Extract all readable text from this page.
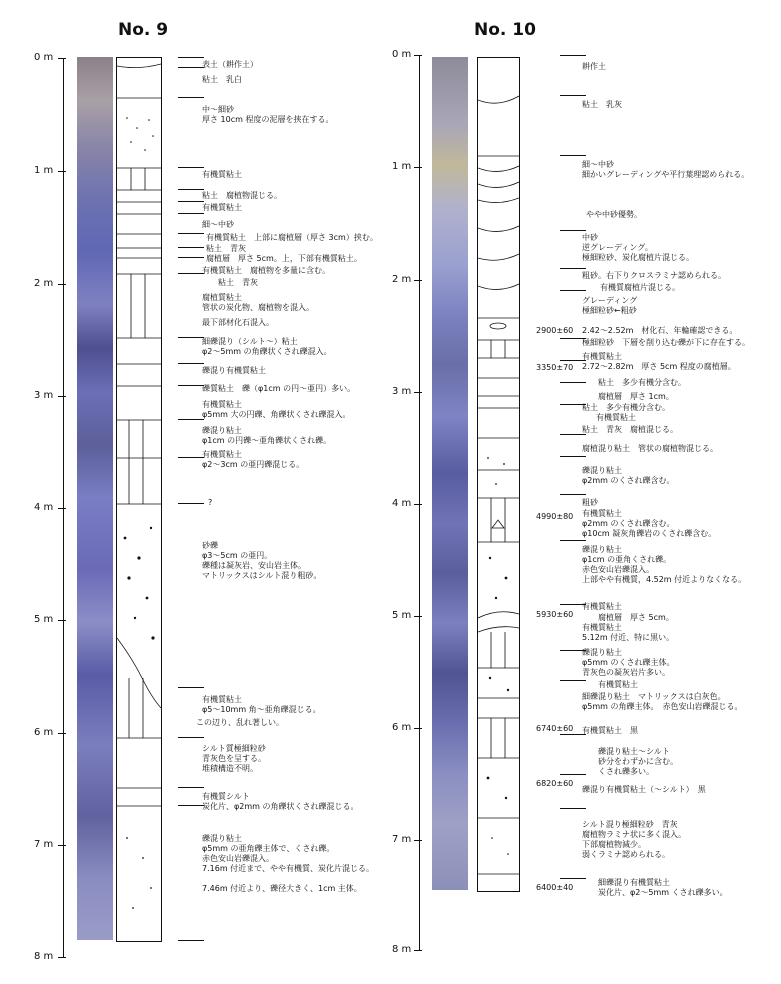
No. 9	No. 10
0 m
1 m
2 m
3 m
4 m
5 m
6 m
7 m
8 m
0 m
1 m
2 m
3 m
4 m
5 m
6 m
7 m
8 m
表土（耕作土）
粘土　乳白
中～細砂
厚さ 10cm 程度の泥層を挟在する。
有機質粘土
粘土　腐植物混じる。
有機質粘土
細～中砂
有機質粘土　上部に腐植層（厚さ 3cm）挟む。
粘土　青灰
腐植層　厚さ 5cm。上，下部有機質粘土。
有機質粘土　腐植物を多量に含む。
粘土　青灰
腐植質粘土
管状の炭化物、腐植物を混入。
最下部材化石混入。
細礫混り（シルト～）粘土
φ2～5mm の角礫状くされ礫混入。
礫混り有機質粘土
礫質粘土　礫（φ1cm の円～亜円）多い。
有機質粘土
φ5mm 大の円礫、角礫状くされ礫混入。
礫混り粘土
φ1cm の円礫～亜角礫状くされ礫。
有機質粘土
φ2～3cm の亜円礫混じる。
?
砂礫
φ3～5cm の亜円。
礫種は凝灰岩、安山岩主体。
マトリックスはシルト混り粗砂。
有機質粘土
φ5～10mm 角～亜角礫混じる。
この辺り、乱れ著しい。
シルト質極細粒砂
青灰色を呈する。
堆積構造不明。
有機質シルト
炭化片、φ2mm の角礫状くされ礫混じる。
礫混り粘土
φ5mm の亜角礫主体で、くされ礫。
赤色安山岩礫混入。
7.16m 付近まで、やや有機質、炭化片混じる。
7.46m 付近より、礫径大きく、1cm 主体。
2900±60
3350±70
4990±80
5930±60
6740±60
6820±60
6400±40
耕作土
粘土　乳灰
細～中砂
細かいグレーディングや平行葉理認められる。
やや中砂優勢。
中砂
逆グレーディング。
極細粒砂、炭化腐植片混じる。
粗砂。右下りクロスラミナ認められる。
有機質腐植片混じる。
グレーディング
極細粒砂←粗砂
2.42～2.52m　材化石、年輪確認できる。
極細粒砂　下層を削り込む礫が下に存在する。
有機質粘土
2.72～2.82m　厚さ 5cm 程度の腐植層。
粘土　多少有機分含む。
腐植層　厚さ 1cm。
粘土　多少有機分含む。
有機質粘土
粘土　青灰　腐植混じる。
腐植混り粘土　管状の腐植物混じる。
礫混り粘土
φ2mm のくされ礫含む。
粗砂
有機質粘土
φ2mm のくされ礫含む。
φ10cm 凝灰角礫岩のくされ礫含む。
礫混り粘土
φ1cm の亜角くされ礫。
赤色安山岩礫混入。
上部やや有機質，4.52m 付近よりなくなる。
有機質粘土
腐植層　厚さ 5cm。
有機質粘土
5.12m 付近、特に黒い。
礫混り粘土
φ5mm のくされ礫主体。
青灰色の凝灰岩片多い。
有機質粘土
細礫混り粘土　マトリックスは白灰色。
φ5mm の角礫主体。　赤色安山岩礫混じる。
有機質粘土　黒
礫混り粘土～シルト
砂分をわずかに含む。
くされ礫多い。
礫混り有機質粘土（～シルト）　黒
シルト混り極細粒砂　青灰
腐植物ラミナ状に多く混入。
下部腐植物減少。
弱くラミナ認められる。
細礫混り有機質粘土
炭化片、φ2～5mm くされ礫多い。
